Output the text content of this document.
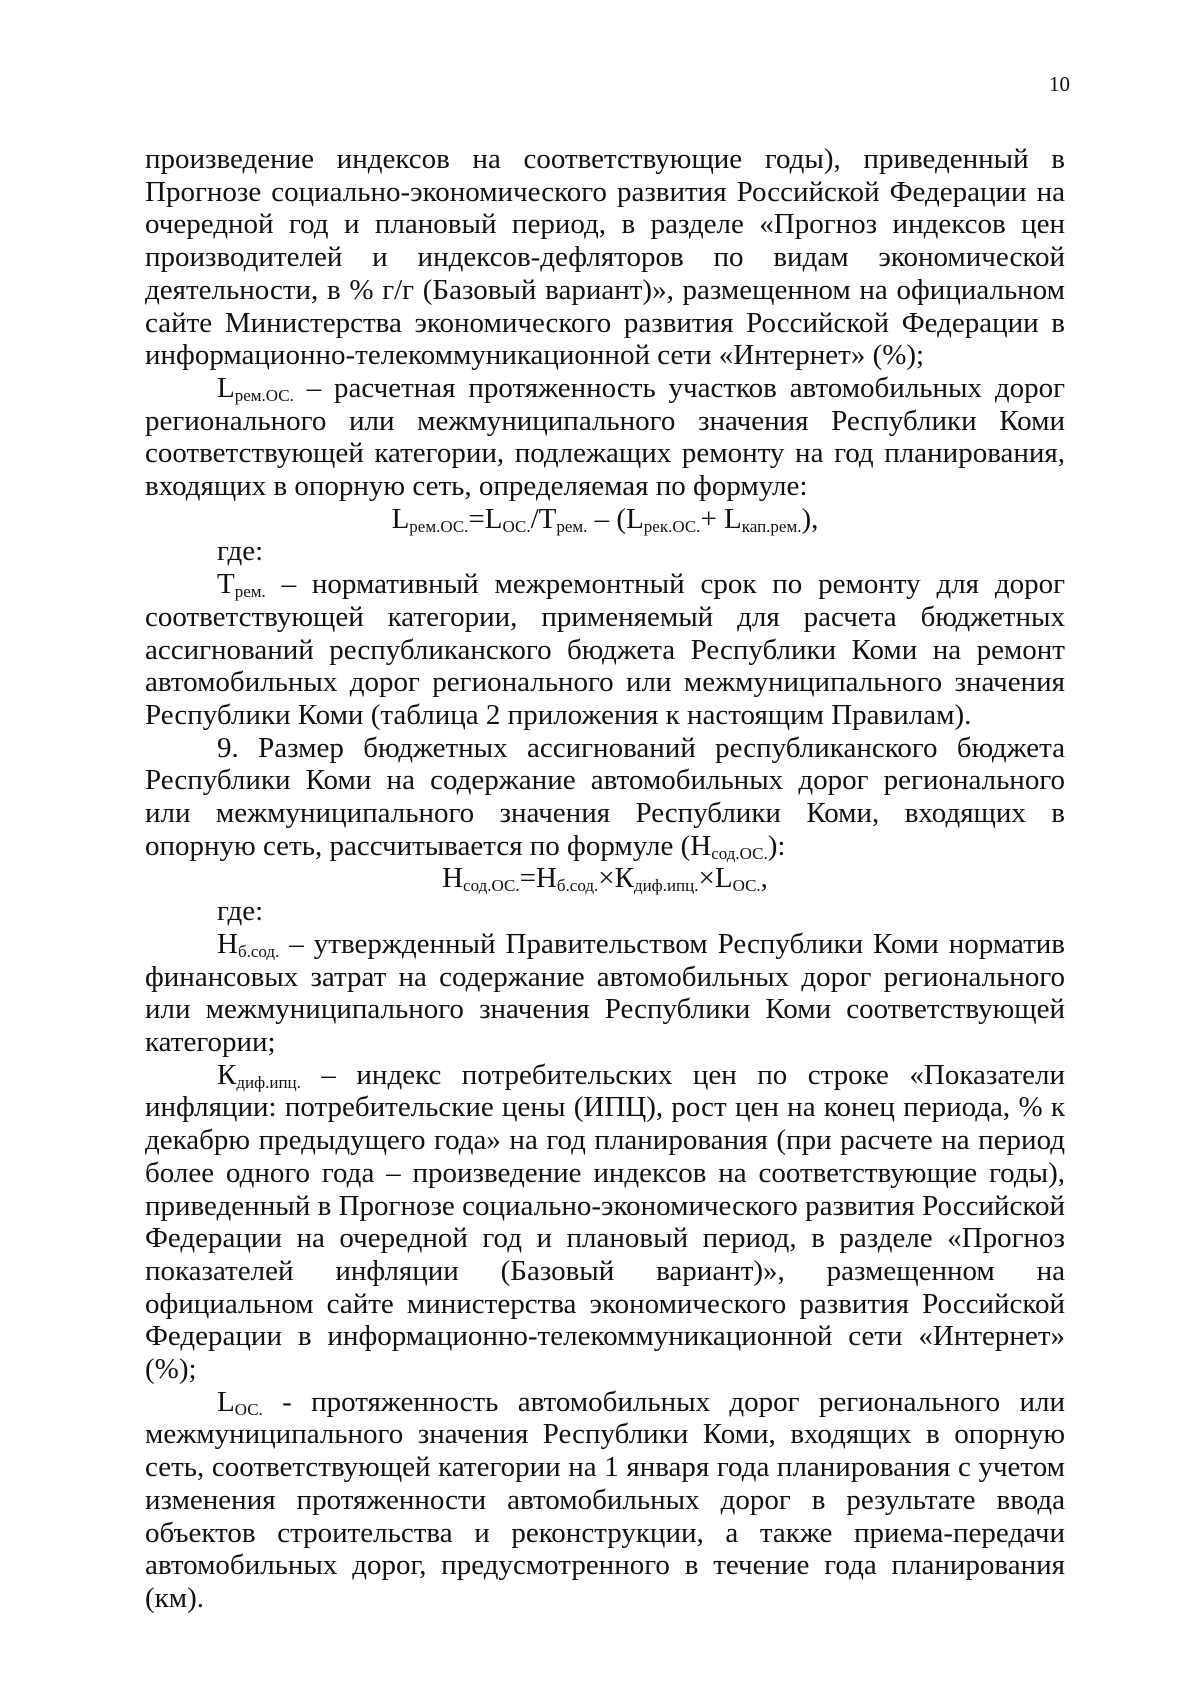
10

произведение индексов на соответствующие годы), приведенный в Прогнозе социально-экономического развития Российской Федерации на очередной год и плановый период, в разделе «Прогноз индексов цен производителей и индексов-дефляторов по видам экономической деятельности, в % г/г (Базовый вариант)», размещенном на официальном сайте Министерства экономического развития Российской Федерации в информационно-телекоммуникационной сети «Интернет» (%);

$L_{рем.ОС.}$ – расчетная протяженность участков автомобильных дорог регионального или межмуниципального значения Республики Коми соответствующей категории, подлежащих ремонту на год планирования, входящих в опорную сеть, определяемая по формуле:

$L_{рем.ОС.}=L_{ОС.}/Т_{рем.} - (L_{рек.ОС.}+ L_{кап.рем.})$,

где:

$Т_{рем.}$ – нормативный межремонтный срок по ремонту для дорог соответствующей категории, применяемый для расчета бюджетных ассигнований республиканского бюджета Республики Коми на ремонт автомобильных дорог регионального или межмуниципального значения Республики Коми (таблица 2 приложения к настоящим Правилам).

9. Размер бюджетных ассигнований республиканского бюджета Республики Коми на содержание автомобильных дорог регионального или межмуниципального значения Республики Коми, входящих в опорную сеть, рассчитывается по формуле $(Н_{сод.ОС.})$:

$Н_{сод.ОС.}=Н_{б.сод.}\times К_{диф.ипц.}\times L_{ОС.}$,

где:

$Н_{б.сод.}$ – утвержденный Правительством Республики Коми норматив финансовых затрат на содержание автомобильных дорог регионального или межмуниципального значения Республики Коми соответствующей категории;

$К_{диф.ипц.}$ – индекс потребительских цен по строке «Показатели инфляции: потребительские цены (ИПЦ), рост цен на конец периода, % к декабрю предыдущего года» на год планирования (при расчете на период более одного года – произведение индексов на соответствующие годы), приведенный в Прогнозе социально-экономического развития Российской Федерации на очередной год и плановый период, в разделе «Прогноз показателей инфляции (Базовый вариант)», размещенном на официальном сайте министерства экономического развития Российской Федерации в информационно-телекоммуникационной сети «Интернет» (%);

$L_{ОС.}$ - протяженность автомобильных дорог регионального или межмуниципального значения Республики Коми, входящих в опорную сеть, соответствующей категории на 1 января года планирования с учетом изменения протяженности автомобильных дорог в результате ввода объектов строительства и реконструкции, а также приема-передачи автомобильных дорог, предусмотренного в течение года планирования (км).
